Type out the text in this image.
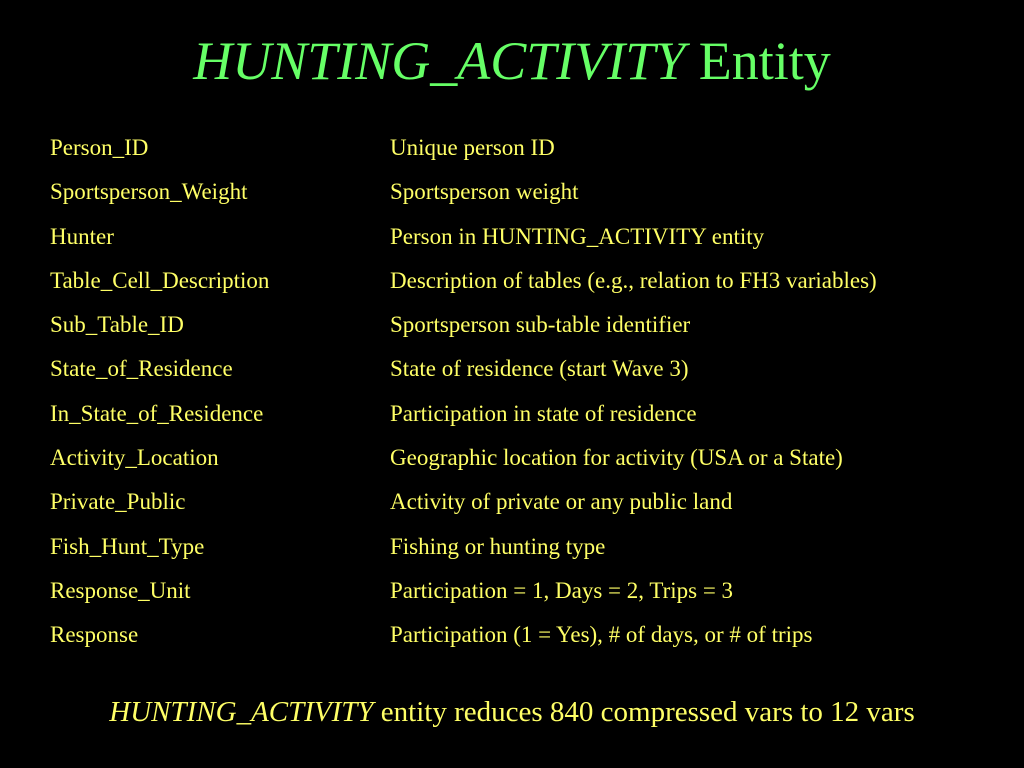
HUNTING_ACTIVITY Entity
Person_ID	Unique person ID
Sportsperson_Weight	Sportsperson weight
Hunter	Person in HUNTING_ACTIVITY entity
Table_Cell_Description	Description of tables (e.g., relation to FH3 variables)
Sub_Table_ID	Sportsperson sub-table identifier
State_of_Residence	State of residence (start Wave 3)
In_State_of_Residence	Participation in state of residence
Activity_Location	Geographic location for activity (USA or a State)
Private_Public	Activity of private or any public land
Fish_Hunt_Type	Fishing or hunting type
Response_Unit	Participation = 1, Days = 2, Trips = 3
Response	Participation (1 = Yes), # of days, or # of trips
HUNTING_ACTIVITY entity reduces 840 compressed vars to 12 vars
